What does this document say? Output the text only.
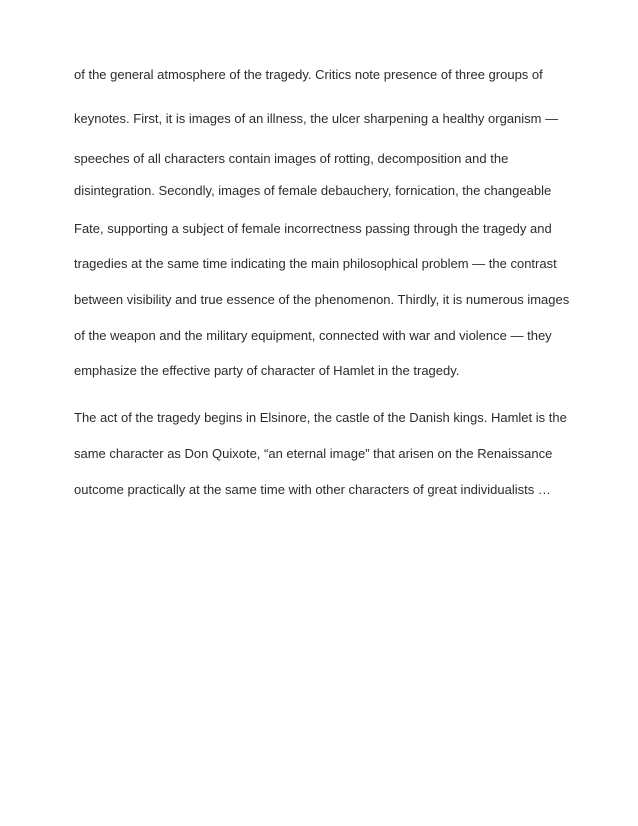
of the general atmosphere of the tragedy. Critics note presence of three groups of
keynotes. First, it is images of an illness, the ulcer sharpening a healthy organism —
speeches of all characters contain images of rotting, decomposition and the
disintegration. Secondly, images of female debauchery, fornication, the changeable
Fate, supporting a subject of female incorrectness passing through the tragedy and
tragedies at the same time indicating the main philosophical problem — the contrast
between visibility and true essence of the phenomenon. Thirdly, it is numerous images
of the weapon and the military equipment, connected with war and violence — they
emphasize the effective party of character of Hamlet in the tragedy.
The act of the tragedy begins in Elsinore, the castle of the Danish kings. Hamlet is the
same character as Don Quixote, “an eternal image” that arisen on the Renaissance
outcome practically at the same time with other characters of great individualists …
